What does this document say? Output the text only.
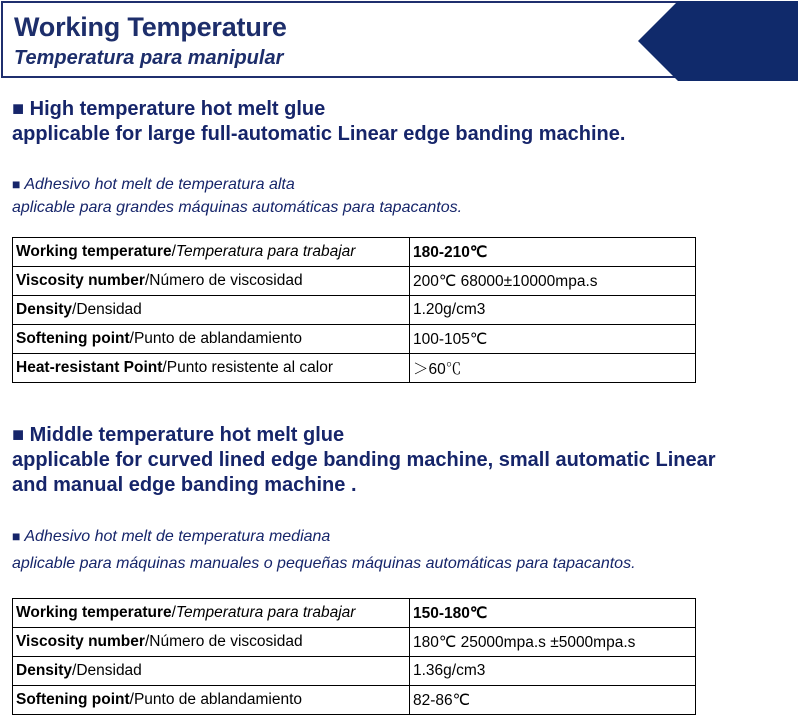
Working Temperature
Temperatura para manipular
■ High temperature hot melt glue
applicable for large full-automatic Linear edge banding machine.
■ Adhesivo hot melt de temperatura alta
aplicable para grandes máquinas automáticas para tapacantos.
Working temperature/Temperatura para trabajar	180-210℃
Viscosity number/Número de viscosidad	200℃ 68000±10000mpa.s
Density/Densidad	1.20g/cm3
Softening point/Punto de ablandamiento	100-105℃
Heat-resistant Point/Punto resistente al calor	＞60℃
■ Middle temperature hot melt glue
applicable for curved lined edge banding machine, small automatic Linear
and manual edge banding machine .
■ Adhesivo hot melt de temperatura mediana
aplicable para máquinas manuales o pequeñas máquinas automáticas para tapacantos.
Working temperature/Temperatura para trabajar	150-180℃
Viscosity number/Número de viscosidad	180℃ 25000mpa.s ±5000mpa.s
Density/Densidad	1.36g/cm3
Softening point/Punto de ablandamiento	82-86℃
